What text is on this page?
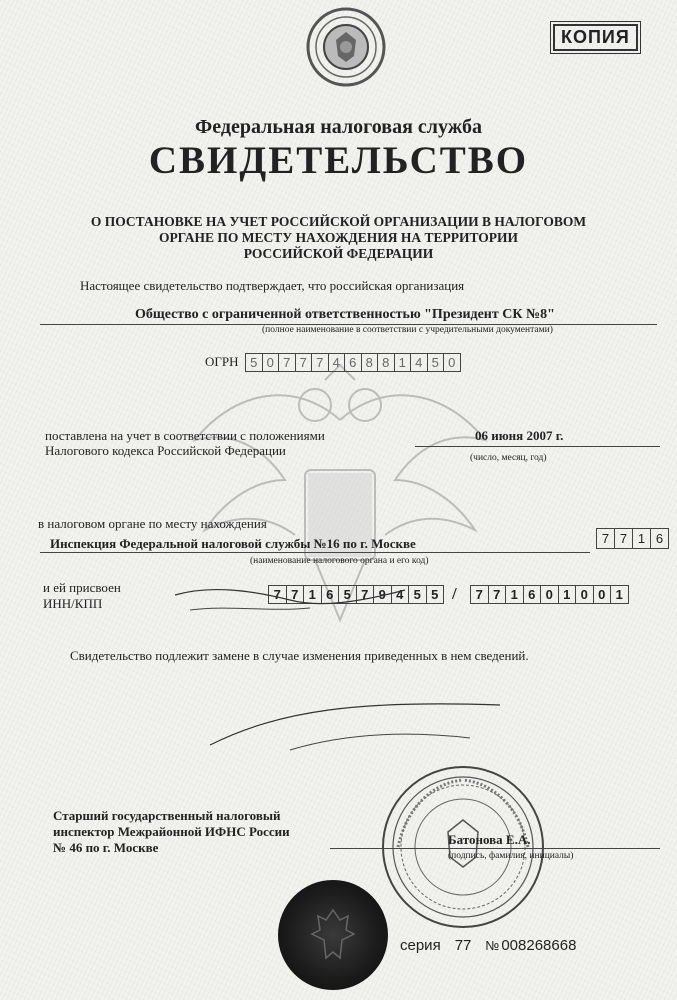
КОПИЯ
Федеральная налоговая служба
СВИДЕТЕЛЬСТВО
О ПОСТАНОВКЕ НА УЧЕТ РОССИЙСКОЙ ОРГАНИЗАЦИИ В НАЛОГОВОМ
ОРГАНЕ ПО МЕСТУ НАХОЖДЕНИЯ НА ТЕРРИТОРИИ
РОССИЙСКОЙ ФЕДЕРАЦИИ
Настоящее свидетельство подтверждает, что российская организация
Общество с ограниченной ответственностью "Президент СК №8"
(полное наименование в соответствии с учредительными документами)
ОГРН 5 0 7 7 7 4 6 8 8 1 4 5 0
поставлена на учет в соответствии с положениями
Налогового кодекса Российской Федерации
06 июня 2007 г.
(число, месяц, год)
в налоговом органе по месту нахождения
Инспекция Федеральной налоговой службы №16 по г. Москве
(наименование налогового органа и его код)
7 7 1 6
и ей присвоен
ИНН/КПП
7 7 1 6 5 7 9 4 5 5 /	7 7 1 6 0 1 0 0 1
Свидетельство подлежит замене в случае изменения приведенных в нем сведений.
Старший государственный налоговый
инспектор Межрайонной ИФНС России
№ 46 по г. Москве
Батонова Е.А.
(подпись, фамилия, инициалы)
серия 77 № 008268668
